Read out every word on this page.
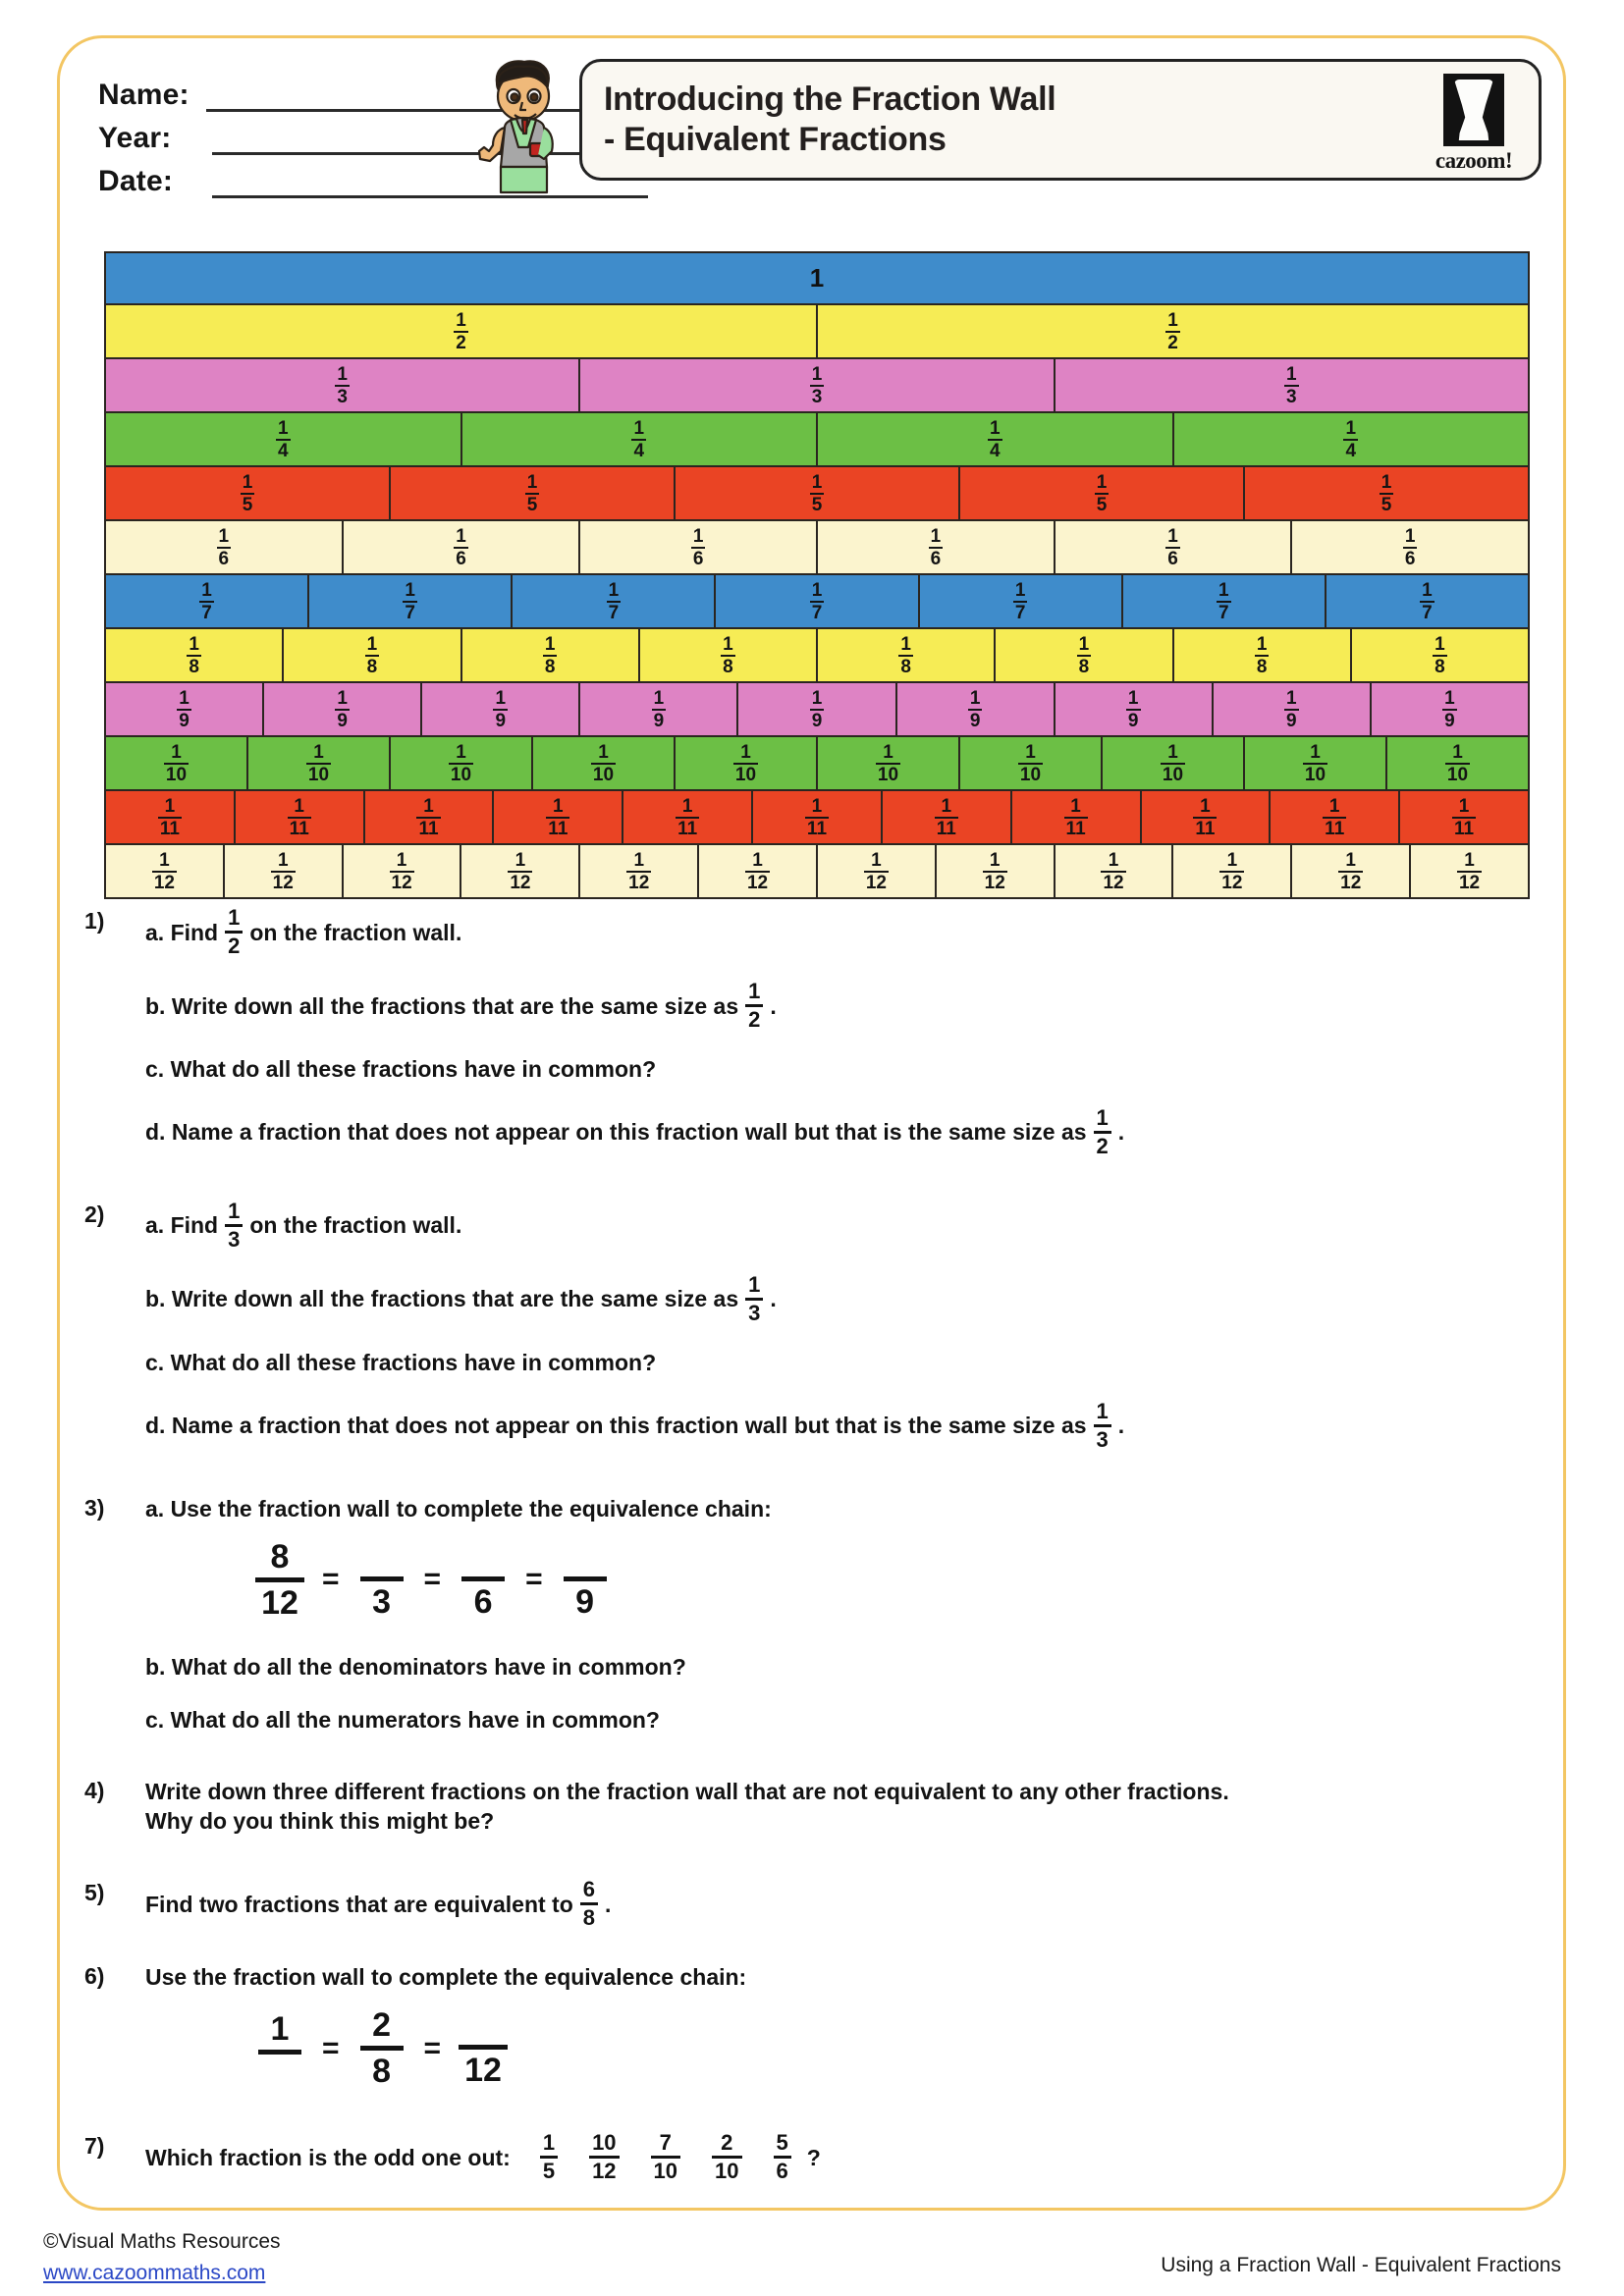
Name:
Year:
Date:
Introducing the Fraction Wall
- Equivalent Fractions
cazoom!
1
$\frac{1}{2}$	$\frac{1}{2}$
$\frac{1}{3}$	$\frac{1}{3}$	$\frac{1}{3}$
$\frac{1}{4}$	$\frac{1}{4}$	$\frac{1}{4}$	$\frac{1}{4}$
$\frac{1}{5}$	$\frac{1}{5}$	$\frac{1}{5}$	$\frac{1}{5}$	$\frac{1}{5}$
$\frac{1}{6}$	$\frac{1}{6}$	$\frac{1}{6}$	$\frac{1}{6}$	$\frac{1}{6}$	$\frac{1}{6}$
$\frac{1}{7}$	$\frac{1}{7}$	$\frac{1}{7}$	$\frac{1}{7}$	$\frac{1}{7}$	$\frac{1}{7}$	$\frac{1}{7}$
$\frac{1}{8}$	$\frac{1}{8}$	$\frac{1}{8}$	$\frac{1}{8}$	$\frac{1}{8}$	$\frac{1}{8}$	$\frac{1}{8}$	$\frac{1}{8}$
$\frac{1}{9}$	$\frac{1}{9}$	$\frac{1}{9}$	$\frac{1}{9}$	$\frac{1}{9}$	$\frac{1}{9}$	$\frac{1}{9}$	$\frac{1}{9}$	$\frac{1}{9}$
$\frac{1}{10}$	$\frac{1}{10}$	$\frac{1}{10}$	$\frac{1}{10}$	$\frac{1}{10}$	$\frac{1}{10}$	$\frac{1}{10}$	$\frac{1}{10}$	$\frac{1}{10}$	$\frac{1}{10}$
$\frac{1}{11}$	$\frac{1}{11}$	$\frac{1}{11}$	$\frac{1}{11}$	$\frac{1}{11}$	$\frac{1}{11}$	$\frac{1}{11}$	$\frac{1}{11}$	$\frac{1}{11}$	$\frac{1}{11}$	$\frac{1}{11}$
$\frac{1}{12}$	$\frac{1}{12}$	$\frac{1}{12}$	$\frac{1}{12}$	$\frac{1}{12}$	$\frac{1}{12}$	$\frac{1}{12}$	$\frac{1}{12}$	$\frac{1}{12}$	$\frac{1}{12}$	$\frac{1}{12}$	$\frac{1}{12}$
1)	a. Find $\frac{1}{2}$ on the fraction wall.
b. Write down all the fractions that are the same size as $\frac{1}{2}$ .
c. What do all these fractions have in common?
d. Name a fraction that does not appear on this fraction wall but that is the same size as $\frac{1}{2}$ .
2)	a. Find $\frac{1}{3}$ on the fraction wall.
b. Write down all the fractions that are the same size as $\frac{1}{3}$ .
c. What do all these fractions have in common?
d. Name a fraction that does not appear on this fraction wall but that is the same size as $\frac{1}{3}$ .
3)	a. Use the fraction wall to complete the equivalence chain:
$\frac{8}{12}$ =
3
=
6
=
9
b. What do all the denominators have in common?
c. What do all the numerators have in common?
4)	Write down three different fractions on the fraction wall that are not equivalent to any other fractions.
Why do you think this might be?
5)	Find two fractions that are equivalent to $\frac{6}{8}$ .
6)	Use the fraction wall to complete the equivalence chain:
1
= $\frac{2}{8}$ =
12
7)	Which fraction is the odd one out: $\frac{1}{5} \frac{10}{12} \frac{7}{10} \frac{2}{10} \frac{5}{6}$ ?
©Visual Maths Resources
www.cazoommaths.com	Using a Fraction Wall - Equivalent Fractions
